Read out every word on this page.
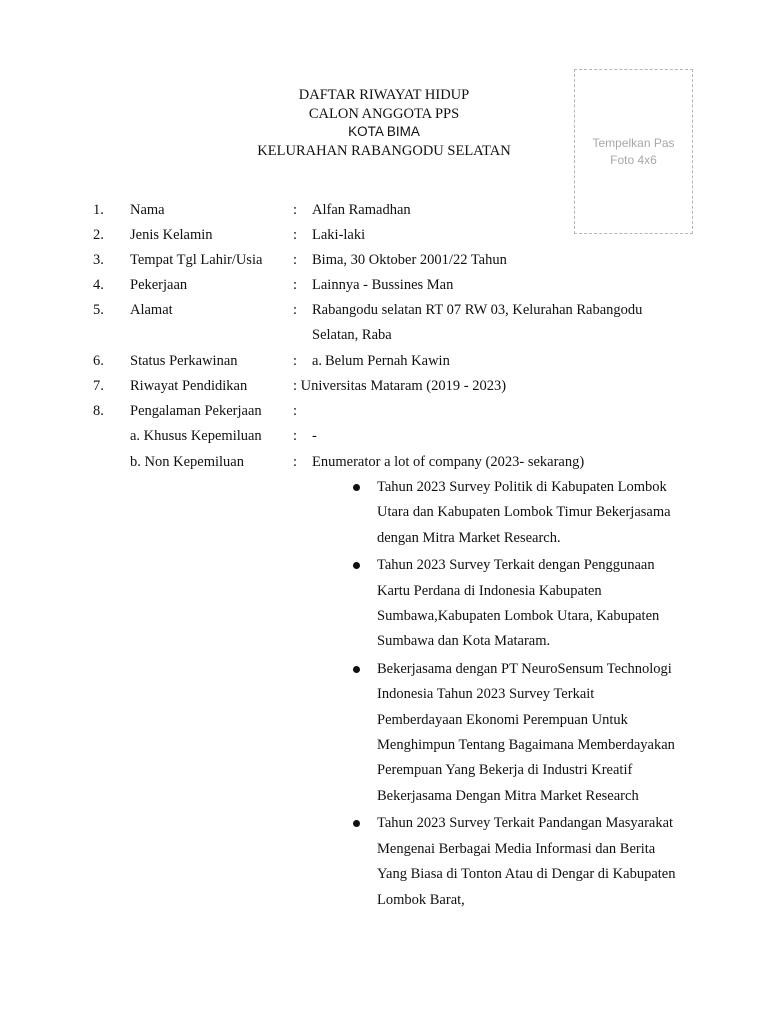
DAFTAR RIWAYAT HIDUP
CALON ANGGOTA PPS
KOTA BIMA
KELURAHAN RABANGODU SELATAN
Tempelkan Pas
Foto 4x6
1. Nama	: Alfan Ramadhan
2. Jenis Kelamin	: Laki-laki
3. Tempat Tgl Lahir/Usia : Bima, 30 Oktober 2001/22 Tahun
4. Pekerjaan	: Lainnya - Bussines Man
5. Alamat	: Rabangodu selatan RT 07 RW 03, Kelurahan Rabangodu
Selatan, Raba
6. Status Perkawinan	: a. Belum Pernah Kawin
7. Riwayat Pendidikan	: Universitas Mataram (2019 - 2023)
8. Pengalaman Pekerjaan :
a. Khusus Kepemiluan : -
b. Non Kepemiluan	: Enumerator a lot of company (2023- sekarang)
Tahun 2023 Survey Politik di Kabupaten Lombok Utara dan Kabupaten Lombok Timur Bekerjasama dengan Mitra Market Research.
Tahun 2023 Survey Terkait dengan Penggunaan Kartu Perdana di Indonesia Kabupaten Sumbawa,Kabupaten Lombok Utara, Kabupaten Sumbawa dan Kota Mataram.
Bekerjasama dengan PT NeuroSensum Technologi Indonesia Tahun 2023 Survey Terkait Pemberdayaan Ekonomi Perempuan Untuk Menghimpun Tentang Bagaimana Memberdayakan Perempuan Yang Bekerja di Industri Kreatif Bekerjasama Dengan Mitra Market Research
Tahun 2023 Survey Terkait Pandangan Masyarakat Mengenai Berbagai Media Informasi dan Berita Yang Biasa di Tonton Atau di Dengar di Kabupaten Lombok Barat,
